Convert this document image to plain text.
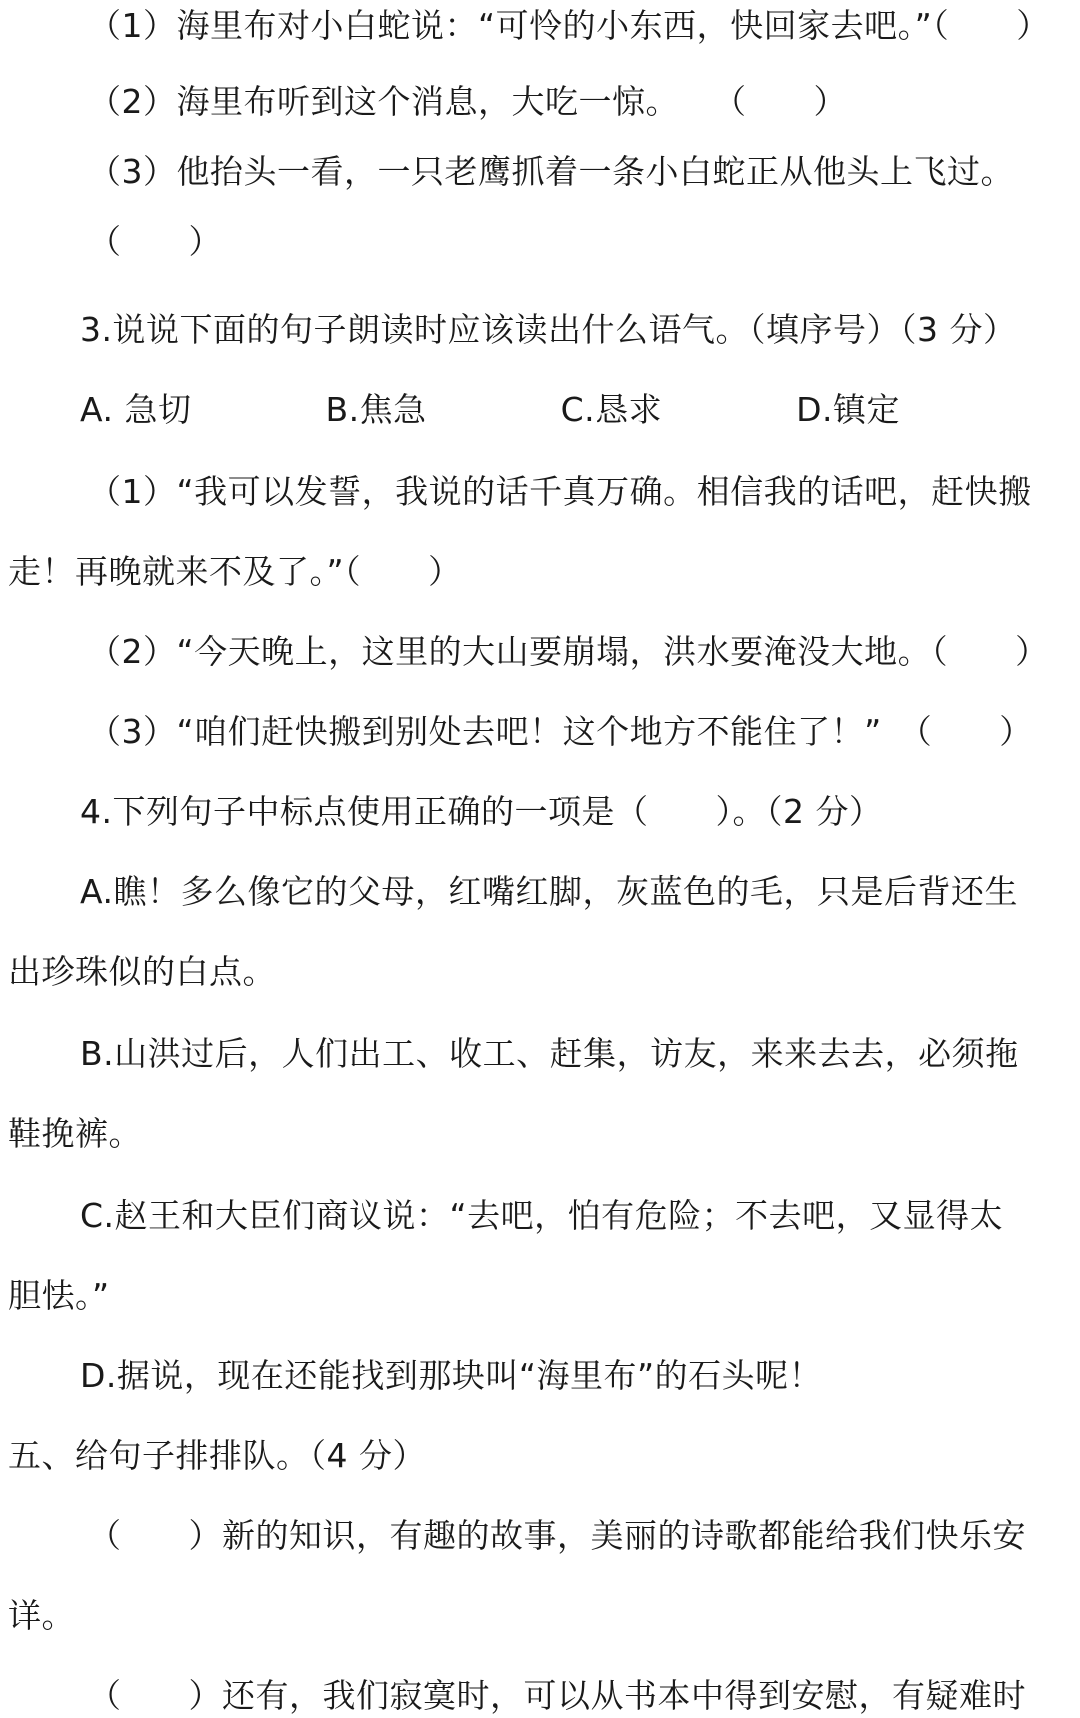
（1）海里布对小白蛇说：“可怜的小东西，快回家去吧。”（　　）
（2）海里布听到这个消息，大吃一惊。　　（　　）
（3）他抬头一看，一只老鹰抓着一条小白蛇正从他头上飞过。
（　　）
3.说说下面的句子朗读时应该读出什么语气。（填序号）（3 分）
A. 急切　　　　B.焦急　　　　C.恳求　　　　D.镇定
（1）“我可以发誓，我说的话千真万确。相信我的话吧，赶快搬
走！再晚就来不及了。”（　　）
（2）“今天晚上，这里的大山要崩塌，洪水要淹没大地。（　　）
（3）“咱们赶快搬到别处去吧！这个地方不能住了！”　（　　）
4.下列句子中标点使用正确的一项是（　　）。（2 分）
A.瞧！多么像它的父母，红嘴红脚，灰蓝色的毛，只是后背还生
出珍珠似的白点。
B.山洪过后，人们出工、收工、赶集，访友，来来去去，必须拖
鞋挽裤。
C.赵王和大臣们商议说：“去吧，怕有危险；不去吧，又显得太
胆怯。”
D.据说，现在还能找到那块叫“海里布”的石头呢！
五、给句子排排队。（4 分）
（　　）新的知识，有趣的故事，美丽的诗歌都能给我们快乐安
详。
（　　）还有，我们寂寞时，可以从书本中得到安慰，有疑难时
